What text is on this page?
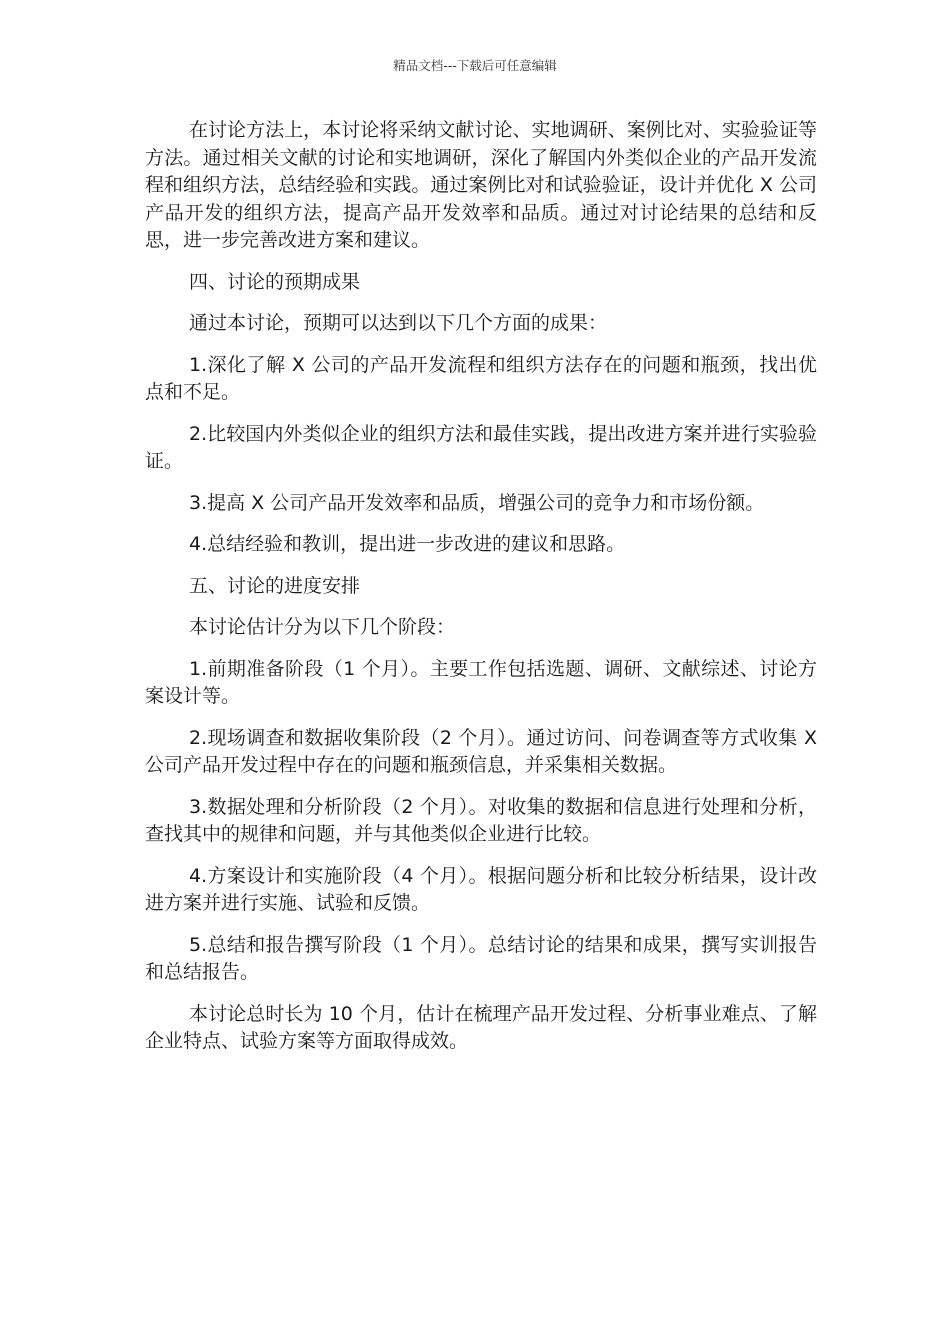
精品文档---下载后可任意编辑

在讨论方法上，本讨论将采纳文献讨论、实地调研、案例比对、实验验证等方法。通过相关文献的讨论和实地调研，深化了解国内外类似企业的产品开发流程和组织方法，总结经验和实践。通过案例比对和试验验证，设计并优化 X 公司产品开发的组织方法，提高产品开发效率和品质。通过对讨论结果的总结和反思，进一步完善改进方案和建议。

四、讨论的预期成果

通过本讨论，预期可以达到以下几个方面的成果：

1.深化了解 X 公司的产品开发流程和组织方法存在的问题和瓶颈，找出优点和不足。

2.比较国内外类似企业的组织方法和最佳实践，提出改进方案并进行实验验证。

3.提高 X 公司产品开发效率和品质，增强公司的竞争力和市场份额。

4.总结经验和教训，提出进一步改进的建议和思路。

五、讨论的进度安排

本讨论估计分为以下几个阶段：

1.前期准备阶段（1 个月）。主要工作包括选题、调研、文献综述、讨论方案设计等。

2.现场调查和数据收集阶段（2 个月）。通过访问、问卷调查等方式收集 X 公司产品开发过程中存在的问题和瓶颈信息，并采集相关数据。

3.数据处理和分析阶段（2 个月）。对收集的数据和信息进行处理和分析，查找其中的规律和问题，并与其他类似企业进行比较。

4.方案设计和实施阶段（4 个月）。根据问题分析和比较分析结果，设计改进方案并进行实施、试验和反馈。

5.总结和报告撰写阶段（1 个月）。总结讨论的结果和成果，撰写实训报告和总结报告。

本讨论总时长为 10 个月，估计在梳理产品开发过程、分析事业难点、了解企业特点、试验方案等方面取得成效。
